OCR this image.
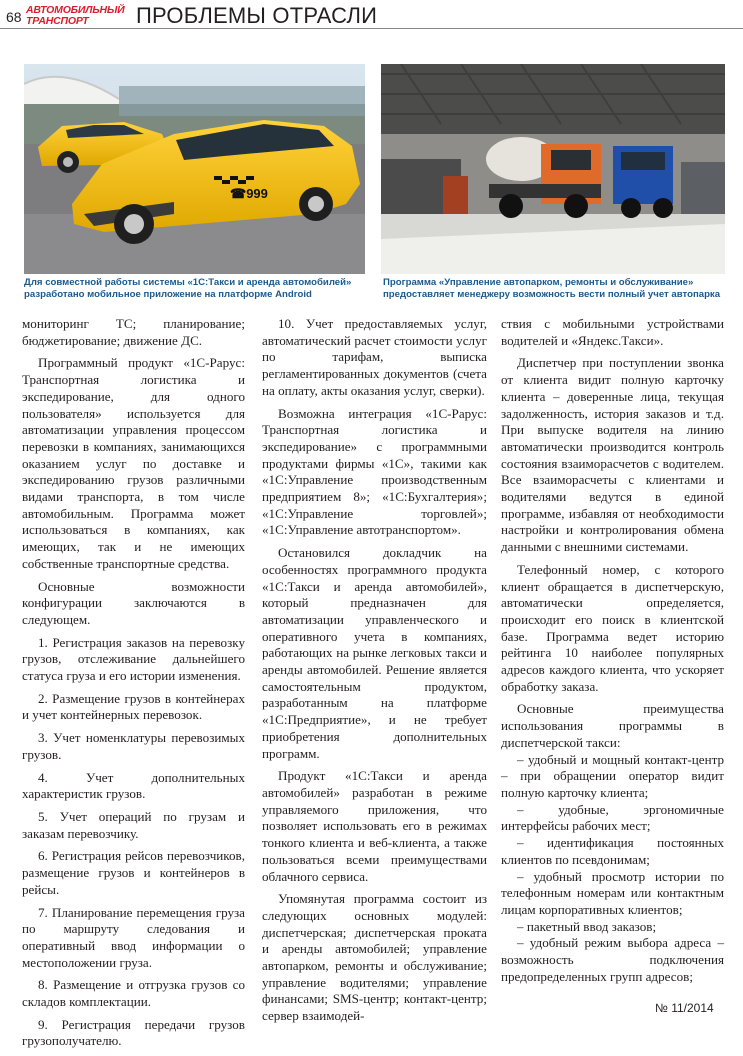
68 АВТОМОБИЛЬНЫЙ
ТРАНСПОРТ	ПРОБЛЕМЫ ОТРАСЛИ
☎999
Для совместной работы системы «1С:Такси и аренда автомобилей» разработано мобильное приложение на платформе Android
Программа «Управление автопарком, ремонты и обслуживание» предоставляет менеджеру возможность вести полный учет автопарка

мониторинг ТС; планирование; бюджетирование; движение ДС.

Программный продукт «1С-Рарус: Транспортная логистика и экспедирование, для одного пользователя» используется для автоматизации управления процессом перевозки в компаниях, занимающихся оказанием услуг по доставке и экспедированию грузов различными видами транспорта, в том числе автомобильным. Программа может использоваться в компаниях, как имеющих, так и не имеющих собственные транспортные средства.

Основные возможности конфигурации заключаются в следующем.

1. Регистрация заказов на перевозку грузов, отслеживание дальнейшего статуса груза и его истории изменения.

2. Размещение грузов в контейнерах и учет контейнерных перевозок.

3. Учет номенклатуры перевозимых грузов.

4. Учет дополнительных характеристик грузов.

5. Учет операций по грузам и заказам перевозчику.

6. Регистрация рейсов перевозчиков, размещение грузов и контейнеров в рейсы.

7. Планирование перемещения груза по маршруту следования и оперативный ввод информации о местоположении груза.

8. Размещение и отгрузка грузов со складов комплектации.

9. Регистрация передачи грузов грузополучателю.

10. Учет предоставляемых услуг, автоматический расчет стоимости услуг по тарифам, выписка регламентированных документов (счета на оплату, акты оказания услуг, сверки).

Возможна интеграция «1С-Рарус: Транспортная логистика и экспедирование» с программными продуктами фирмы «1С», такими как «1С:Управление производственным предприятием 8»; «1С:Бухгалтерия»; «1С:Управление торговлей»; «1С:Управление автотранспортом».

Остановился докладчик на особенностях программного продукта «1С:Такси и аренда автомобилей», который предназначен для автоматизации управленческого и оперативного учета в компаниях, работающих на рынке легковых такси и аренды автомобилей. Решение является самостоятельным продуктом, разработанным на платформе «1С:Предприятие», и не требует приобретения дополнительных программ.

Продукт «1С:Такси и аренда автомобилей» разработан в режиме управляемого приложения, что позволяет использовать его в режимах тонкого клиента и веб-клиента, а также пользоваться всеми преимуществами облачного сервиса.

Упомянутая программа состоит из следующих основных модулей: диспетчерская; диспетчерская проката и аренды автомобилей; управление автопарком, ремонты и обслуживание; управление водителями; управление финансами; SMS-центр; контакт-центр; сервер взаимодей-

ствия с мобильными устройствами водителей и «Яндекс.Такси».

Диспетчер при поступлении звонка от клиента видит полную карточку клиента – доверенные лица, текущая задолженность, история заказов и т.д. При выпуске водителя на линию автоматически производится контроль состояния взаиморасчетов с водителем. Все взаиморасчеты с клиентами и водителями ведутся в единой программе, избавляя от необходимости настройки и контролирования обмена данными с внешними системами.

Телефонный номер, с которого клиент обращается в диспетчерскую, автоматически определяется, происходит его поиск в клиентской базе. Программа ведет историю рейтинга 10 наиболее популярных адресов каждого клиента, что ускоряет обработку заказа.

Основные преимущества использования программы в диспетчерской такси:

– удобный и мощный контакт-центр – при обращении оператор видит полную карточку клиента;

– удобные, эргономичные интерфейсы рабочих мест;

– идентификация постоянных клиентов по псевдонимам;

– удобный просмотр истории по телефонным номерам или контактным лицам корпоративных клиентов;

– пакетный ввод заказов;

– удобный режим выбора адреса – возможность подключения предопределенных групп адресов;

№ 11/2014
